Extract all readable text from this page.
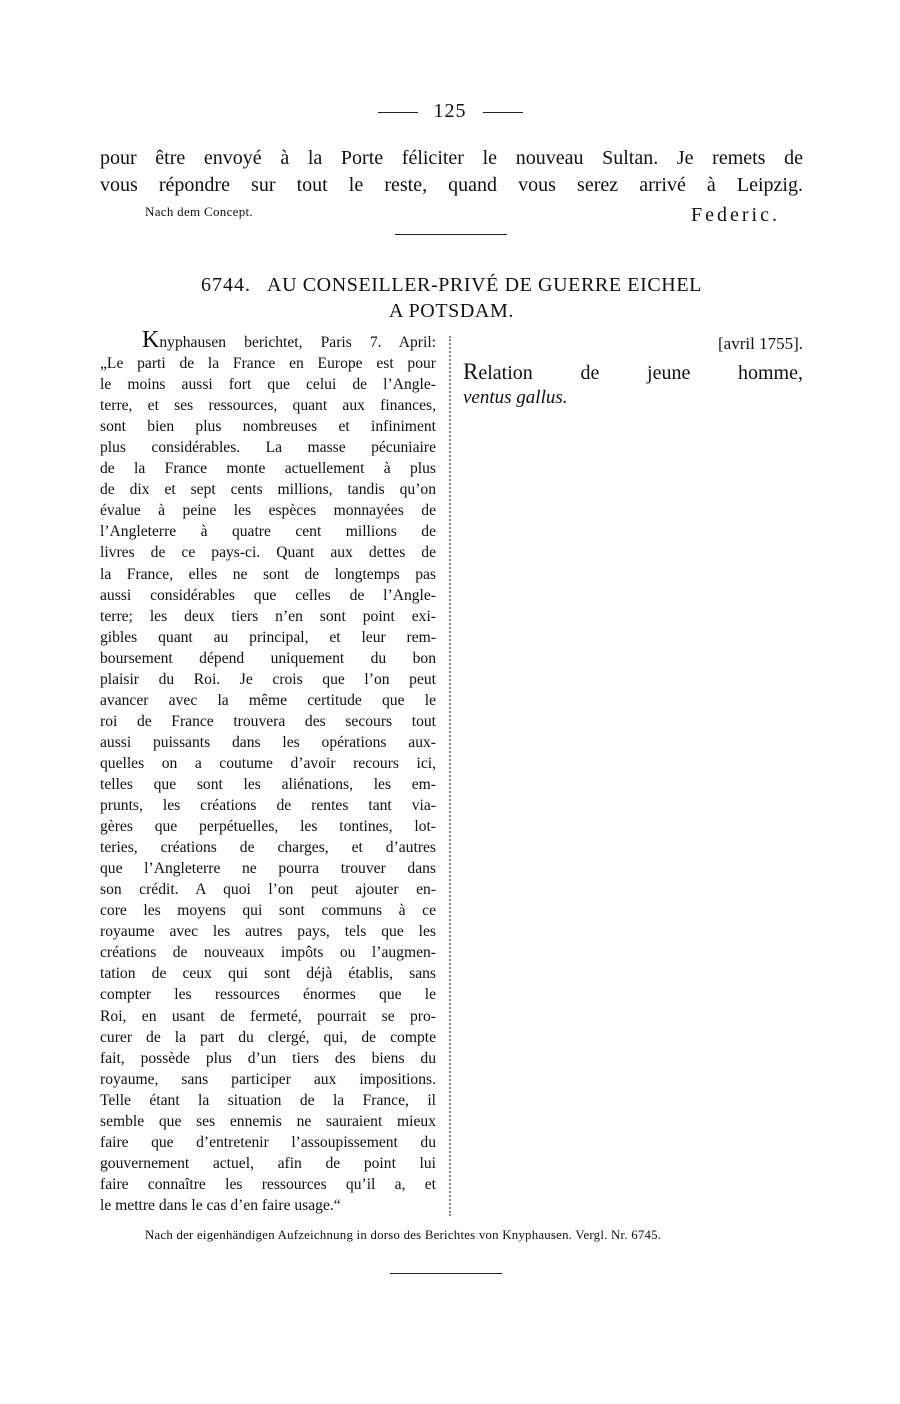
125
pour être envoyé à la Porte féliciter le nouveau Sultan. Je remets de
vous répondre sur tout le reste, quand vous serez arrivé à Leipzig.
Nach dem Concept.	Federic.
6744. AU CONSEILLER-PRIVÉ DE GUERRE EICHEL
A POTSDAM.
Knyphausen berichtet, Paris 7. April:
„Le parti de la France en Europe est pour
le moins aussi fort que celui de l’Angle-
terre, et ses ressources, quant aux finances,
sont bien plus nombreuses et infiniment
plus considérables. La masse pécuniaire
de la France monte actuellement à plus
de dix et sept cents millions, tandis qu’on
évalue à peine les espèces monnayées de
l’Angleterre à quatre cent millions de
livres de ce pays-ci. Quant aux dettes de
la France, elles ne sont de longtemps pas
aussi considérables que celles de l’Angle-
terre; les deux tiers n’en sont point exi-
gibles quant au principal, et leur rem-
boursement dépend uniquement du bon
plaisir du Roi. Je crois que l’on peut
avancer avec la même certitude que le
roi de France trouvera des secours tout
aussi puissants dans les opérations aux-
quelles on a coutume d’avoir recours ici,
telles que sont les aliénations, les em-
prunts, les créations de rentes tant via-
gères que perpétuelles, les tontines, lot-
teries, créations de charges, et d’autres
que l’Angleterre ne pourra trouver dans
son crédit. A quoi l’on peut ajouter en-
core les moyens qui sont communs à ce
royaume avec les autres pays, tels que les
créations de nouveaux impôts ou l’augmen-
tation de ceux qui sont déjà établis, sans
compter les ressources énormes que le
Roi, en usant de fermeté, pourrait se pro-
curer de la part du clergé, qui, de compte
fait, possède plus d’un tiers des biens du
royaume, sans participer aux impositions.
Telle étant la situation de la France, il
semble que ses ennemis ne sauraient mieux
faire que d’entretenir l’assoupissement du
gouvernement actuel, afin de point lui
faire connaître les ressources qu’il a, et
le mettre dans le cas d’en faire usage.“
[avril 1755].
Relation de jeune homme,
ventus gallus.
Nach der eigenhändigen Aufzeichnung in dorso des Berichtes von Knyphausen. Vergl. Nr. 6745.
